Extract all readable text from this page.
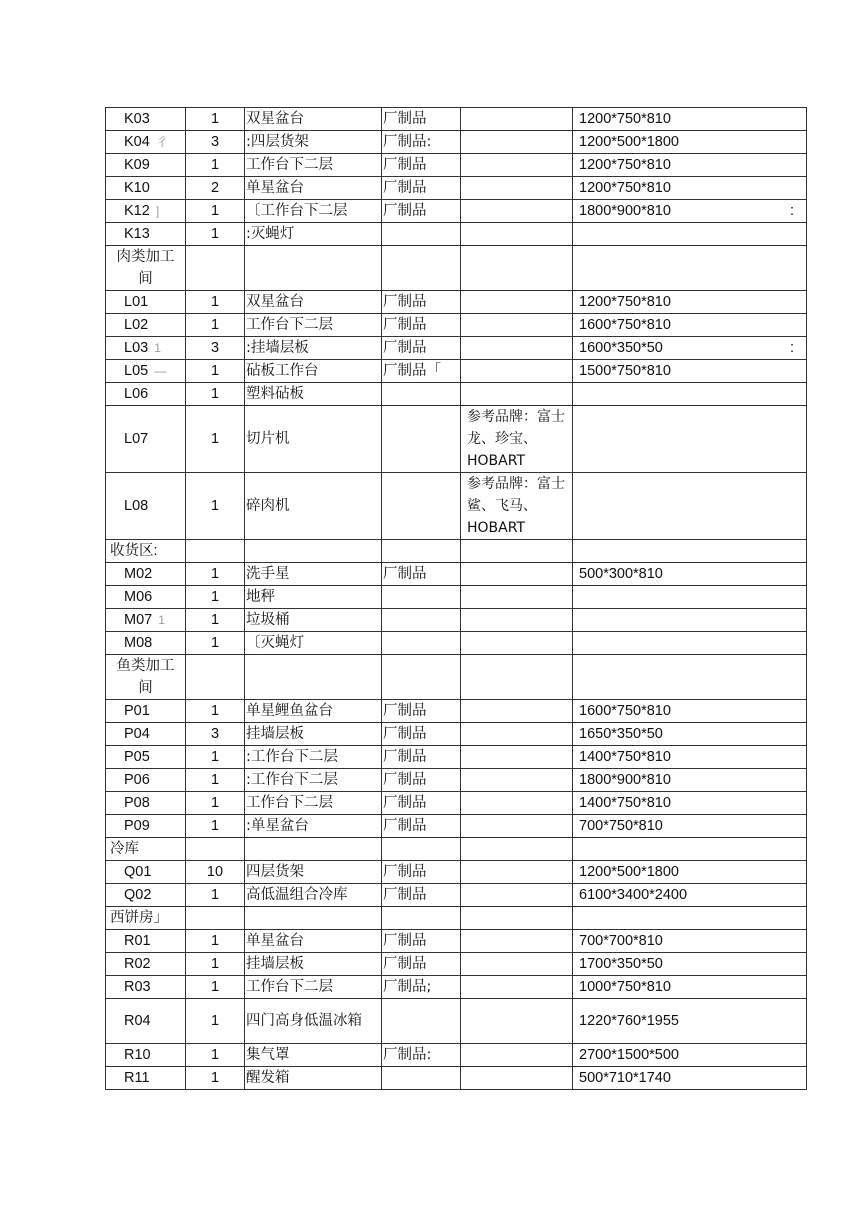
K03	1	双星盆台	厂制品		1200*750*810
K04 彳	3	:四层货架	厂制品:		1200*500*1800
K09	1	工作台下二层	厂制品		1200*750*810
K10	2	单星盆台	厂制品		1200*750*810
K12 ]	1	〔工作台下二层	厂制品		1800*900*810 :

K13	1	:灭蝇灯			
肉类加工间					
L01	1	双星盆台	厂制品		1200*750*810
L02	1	工作台下二层	厂制品		1600*750*810
L03 1	3	:挂墙层板	厂制品		1600*350*50 :

L05 —	1	砧板工作台	厂制品「		1500*750*810
L06	1	塑料砧板			
L07	1	切片机		参考品牌：富士龙、珍宝、HOBART	
L08	1	碎肉机		参考品牌：富士鲨、飞马、HOBART	
收货区:					
M02	1	洗手星	厂制品		500*300*810
M06	1	地秤			
M07 1	1	垃圾桶			
M08	1	〔灭蝇灯			
鱼类加工间					
P01	1	单星鲤鱼盆台	厂制品		1600*750*810
P04	3	挂墙层板	厂制品		1650*350*50
P05	1	:工作台下二层	厂制品		1400*750*810
P06	1	:工作台下二层	厂制品		1800*900*810
P08	1	工作台下二层	厂制品		1400*750*810
P09	1	:单星盆台	厂制品		700*750*810
冷库					
Q01	10	四层货架	厂制品		1200*500*1800
Q02	1	高低温组合冷库	厂制品		6100*3400*2400
西饼房」					
R01	1	单星盆台	厂制品		700*700*810
R02	1	挂墙层板	厂制品		1700*350*50
R03	1	工作台下二层	厂制品;		1000*750*810
R04	1	四门高身低温冰箱			1220*760*1955
R10	1	集气罩	厂制品:		2700*1500*500
R11	1	醒发箱			500*710*1740
